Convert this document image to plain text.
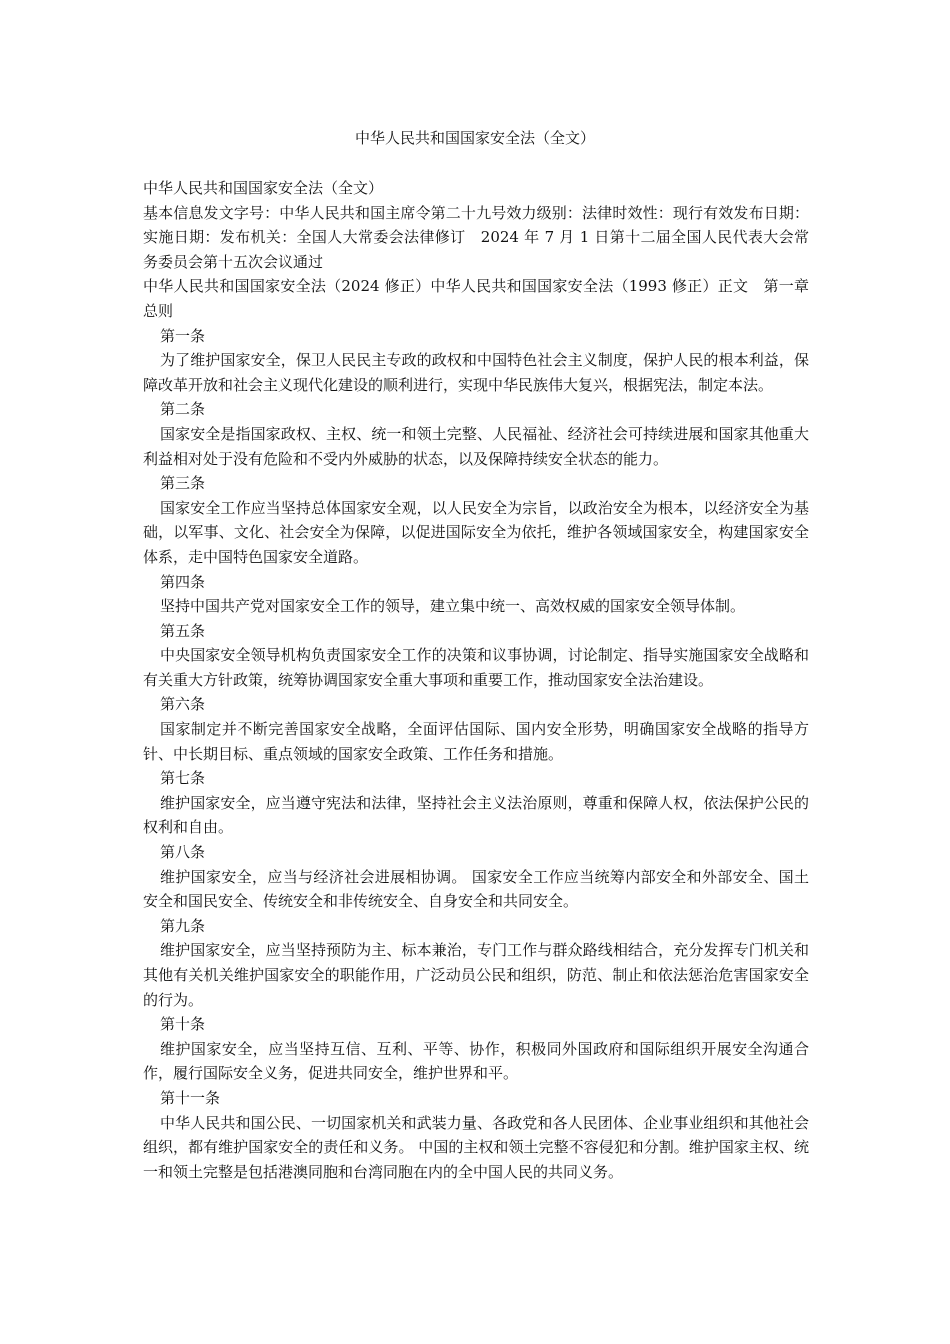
中华人民共和国国家安全法（全文）

中华人民共和国国家安全法（全文）

基本信息发文字号：中华人民共和国主席令第二十九号效力级别：法律时效性：现行有效发布日期：实施日期：发布机关：全国人大常委会法律修订　2024 年 7 月 1 日第十二届全国人民代表大会常务委员会第十五次会议通过

中华人民共和国国家安全法（2024 修正）中华人民共和国国家安全法（1993 修正）正文　第一章 总则

第一条

为了维护国家安全，保卫人民民主专政的政权和中国特色社会主义制度，保护人民的根本利益，保障改革开放和社会主义现代化建设的顺利进行，实现中华民族伟大复兴，根据宪法，制定本法。

第二条

国家安全是指国家政权、主权、统一和领土完整、人民福祉、经济社会可持续进展和国家其他重大利益相对处于没有危险和不受内外威胁的状态，以及保障持续安全状态的能力。

第三条

国家安全工作应当坚持总体国家安全观，以人民安全为宗旨，以政治安全为根本，以经济安全为基础，以军事、文化、社会安全为保障，以促进国际安全为依托，维护各领域国家安全，构建国家安全体系，走中国特色国家安全道路。

第四条

坚持中国共产党对国家安全工作的领导，建立集中统一、高效权威的国家安全领导体制。

第五条

中央国家安全领导机构负责国家安全工作的决策和议事协调，讨论制定、指导实施国家安全战略和有关重大方针政策，统筹协调国家安全重大事项和重要工作，推动国家安全法治建设。

第六条

国家制定并不断完善国家安全战略，全面评估国际、国内安全形势，明确国家安全战略的指导方针、中长期目标、重点领域的国家安全政策、工作任务和措施。

第七条

维护国家安全，应当遵守宪法和法律，坚持社会主义法治原则，尊重和保障人权，依法保护公民的权利和自由。

第八条

维护国家安全，应当与经济社会进展相协调。 国家安全工作应当统筹内部安全和外部安全、国土安全和国民安全、传统安全和非传统安全、自身安全和共同安全。

第九条

维护国家安全，应当坚持预防为主、标本兼治，专门工作与群众路线相结合，充分发挥专门机关和其他有关机关维护国家安全的职能作用，广泛动员公民和组织，防范、制止和依法惩治危害国家安全的行为。

第十条

维护国家安全，应当坚持互信、互利、平等、协作，积极同外国政府和国际组织开展安全沟通合作，履行国际安全义务，促进共同安全，维护世界和平。

第十一条

中华人民共和国公民、一切国家机关和武装力量、各政党和各人民团体、企业事业组织和其他社会组织，都有维护国家安全的责任和义务。 中国的主权和领土完整不容侵犯和分割。维护国家主权、统一和领土完整是包括港澳同胞和台湾同胞在内的全中国人民的共同义务。
